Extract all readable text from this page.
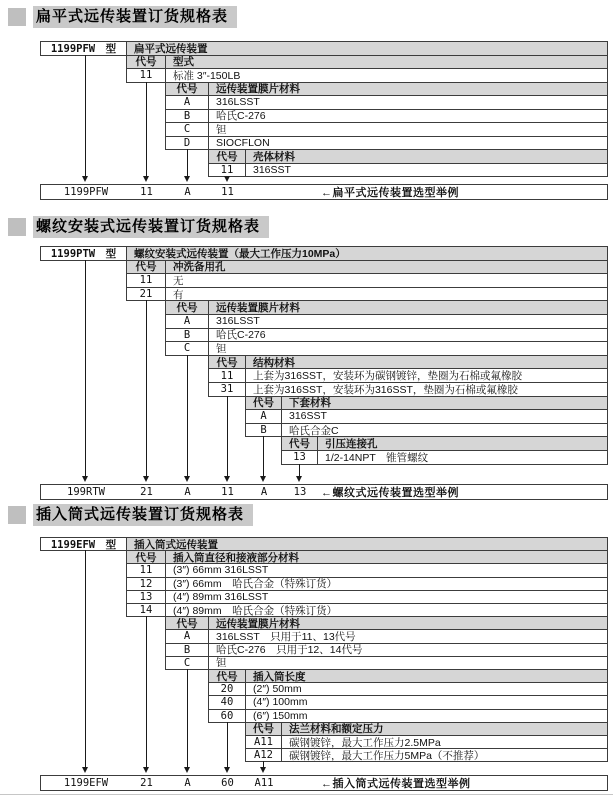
扁平式远传装置订货规格表
1199PFW　型	扁平式远传装置
代号	型式
11	标准 3″-150LB
代号	远传装置膜片材料
A	316LSST
B	哈氏C-276
C	钽
D	SIOCFLON
代号	壳体材料
11	316SST
1199PFW	11	A	11	←扁平式远传装置选型举例
螺纹安装式远传装置订货规格表
1199PTW　型	螺纹安装式远传装置（最大工作压力10MPa）
代号	冲洗备用孔
11	无
21	有
代号	远传装置膜片材料
A	316LSST
B	哈氏C-276
C	钽
代号	结构材料
11	上套为316SST，安装环为碳钢镀锌，垫圈为石棉或氟橡胶
31	上套为316SST，安装环为316SST，垫圈为石棉或氟橡胶
代号	下套材料
A	316SST
B	哈氏合金C
代号	引压连接孔
13	1/2-14NPT　锥管螺纹
199RTW	21	A	11	A	13 ←螺纹式远传装置选型举例
插入筒式远传装置订货规格表
1199EFW　型	插入筒式远传装置
代号	插入筒直径和接液部分材料
11	(3″) 66mm 316LSST
12	(3″) 66mm　哈氏合金（特殊订货）
13	(4″) 89mm 316LSST
14	(4″) 89mm　哈氏合金（特殊订货）
代号	远传装置膜片材料
A	316LSST　只用于11、13代号
B	哈氏C-276　只用于12、14代号
C	钽
代号	插入筒长度
20	(2″) 50mm
40	(4″) 100mm
60	(6″) 150mm
代号	法兰材料和额定压力
A11	碳钢镀锌，最大工作压力2.5MPa
A12	碳钢镀锌，最大工作压力5MPa（不推荐）
1199EFW	21	A	60 A11	←插入筒式远传装置选型举例
